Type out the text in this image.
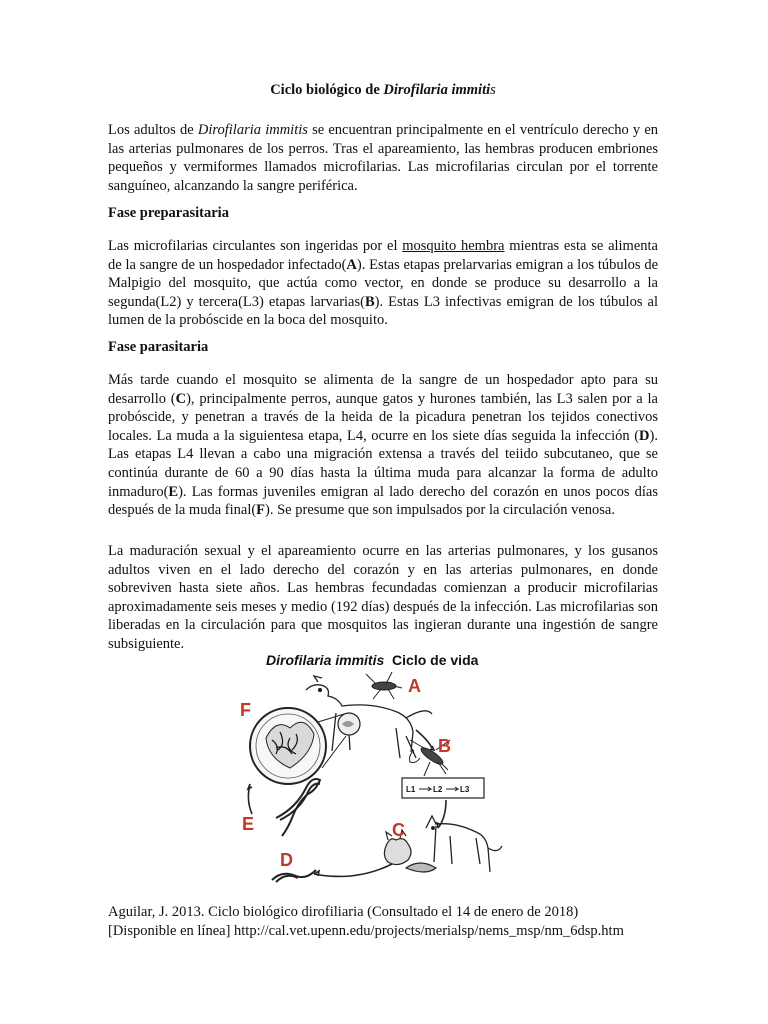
Ciclo biológico de Dirofilaria immitis

Los adultos de Dirofilaria immitis se encuentran principalmente en el ventrículo derecho y en las arterias pulmonares de los perros. Tras el apareamiento, las hembras producen embriones pequeños y vermiformes llamados microfilarias. Las microfilarias circulan por el torrente sanguíneo, alcanzando la sangre periférica.

Fase preparasitaria

Las microfilarias circulantes son ingeridas por el mosquito hembra mientras esta se alimenta de la sangre de un hospedador infectado(A). Estas etapas prelarvarias emigran a los túbulos de Malpigio del mosquito, que actúa como vector, en donde se produce su desarrollo a la segunda(L2) y tercera(L3) etapas larvarias(B). Estas L3 infectivas emigran de los túbulos al lumen de la probóscide en la boca del mosquito.

Fase parasitaria

Más tarde cuando el mosquito se alimenta de la sangre de un hospedador apto para su desarrollo (C), principalmente perros, aunque gatos y hurones también, las L3 salen por a la probóscide, y penetran a través de la heida de la picadura penetran los tejidos conectivos locales. La muda a la siguientesa etapa, L4, ocurre en los siete días seguida la infección (D). Las etapas L4 llevan a cabo una migración extensa a través del teiido subcutaneo, que se continúa durante de 60 a 90 días hasta la última muda para alcanzar la forma de adulto inmaduro(E). Las formas juveniles emigran al lado derecho del corazón en unos pocos días después de la muda final(F). Se presume que son impulsados por la circulación venosa.

La maduración sexual y el apareamiento ocurre en las arterias pulmonares, y los gusanos adultos viven en el lado derecho del corazón y en las arterias pulmonares, en donde sobreviven hasta siete años. Las hembras fecundadas comienzan a producir microfilarias aproximadamente seis meses y medio (192 días) después de la infección. Las microfilarias son liberadas en la circulación para que mosquitos las ingieran durante una ingestión de sangre subsiguiente.

Dirofilaria immitis  Ciclo de vida
A
F
B
L1 L2 L3
C
D
E

Aguilar, J. 2013. Ciclo biológico dirofiliaria (Consultado el 14 de enero de 2018)

[Disponible en línea] http://cal.vet.upenn.edu/projects/merialsp/nems_msp/nm_6dsp.htm
